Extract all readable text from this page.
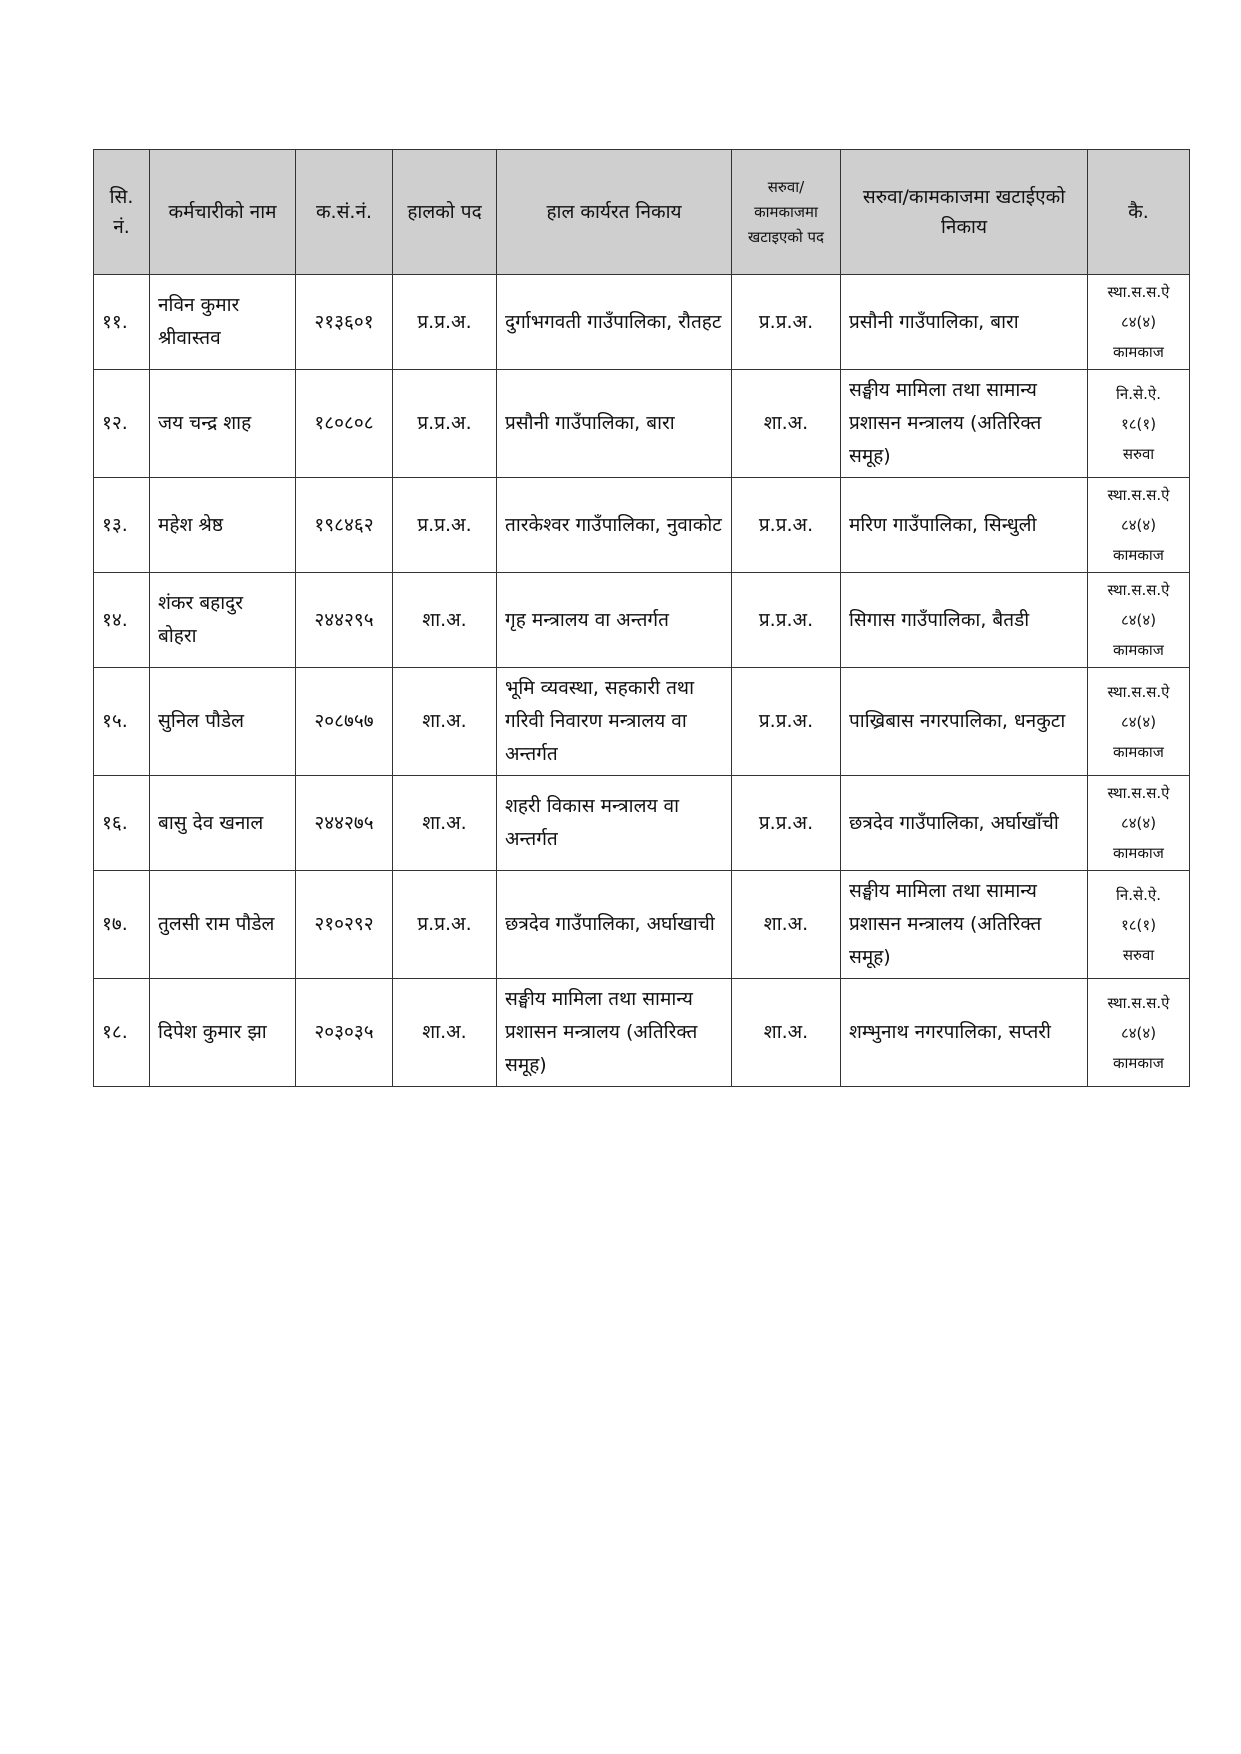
सि. नं.	कर्मचारीको नाम	क.सं.नं.	हालको पद	हाल कार्यरत निकाय	सरुवा/ कामकाजमा खटाइएको पद	सरुवा/कामकाजमा खटाईएको निकाय	कै.
११.	नविन कुमार श्रीवास्तव	२१३६०१	प्र.प्र.अ.	दुर्गाभगवती गाउँपालिका, रौतहट	प्र.प्र.अ.	प्रसौनी गाउँपालिका, बारा	स्था.स.स.ऐ
८४(४)
कामकाज

१२.	जय चन्द्र शाह	१८०८०८	प्र.प्र.अ.	प्रसौनी गाउँपालिका, बारा	शा.अ.	सङ्घीय मामिला तथा सामान्य प्रशासन मन्त्रालय (अतिरिक्त समूह)	नि.से.ऐ.
१८(१)
सरुवा

१३.	महेश श्रेष्ठ	१९८४६२	प्र.प्र.अ.	तारकेश्वर गाउँपालिका, नुवाकोट	प्र.प्र.अ.	मरिण गाउँपालिका, सिन्धुली	स्था.स.स.ऐ
८४(४)
कामकाज

१४.	शंकर बहादुर बोहरा	२४४२९५	शा.अ.	गृह मन्त्रालय वा अन्तर्गत	प्र.प्र.अ.	सिगास गाउँपालिका, बैतडी	स्था.स.स.ऐ
८४(४)
कामकाज

१५.	सुनिल पौडेल	२०८७५७	शा.अ.	भूमि व्यवस्था, सहकारी तथा गरिवी निवारण मन्त्रालय वा अन्तर्गत	प्र.प्र.अ.	पाख्रिबास नगरपालिका, धनकुटा	स्था.स.स.ऐ
८४(४)
कामकाज

१६.	बासु देव खनाल	२४४२७५	शा.अ.	शहरी विकास मन्त्रालय वा अन्तर्गत	प्र.प्र.अ.	छत्रदेव गाउँपालिका, अर्घाखाँची	स्था.स.स.ऐ
८४(४)
कामकाज

१७.	तुलसी राम पौडेल	२१०२९२	प्र.प्र.अ.	छत्रदेव गाउँपालिका, अर्घाखाची	शा.अ.	सङ्घीय मामिला तथा सामान्य प्रशासन मन्त्रालय (अतिरिक्त समूह)	नि.से.ऐ.
१८(१)
सरुवा

१८.	दिपेश कुमार झा	२०३०३५	शा.अ.	सङ्घीय मामिला तथा सामान्य प्रशासन मन्त्रालय (अतिरिक्त समूह)	शा.अ.	शम्भुनाथ नगरपालिका, सप्तरी	स्था.स.स.ऐ
८४(४)
कामकाज
